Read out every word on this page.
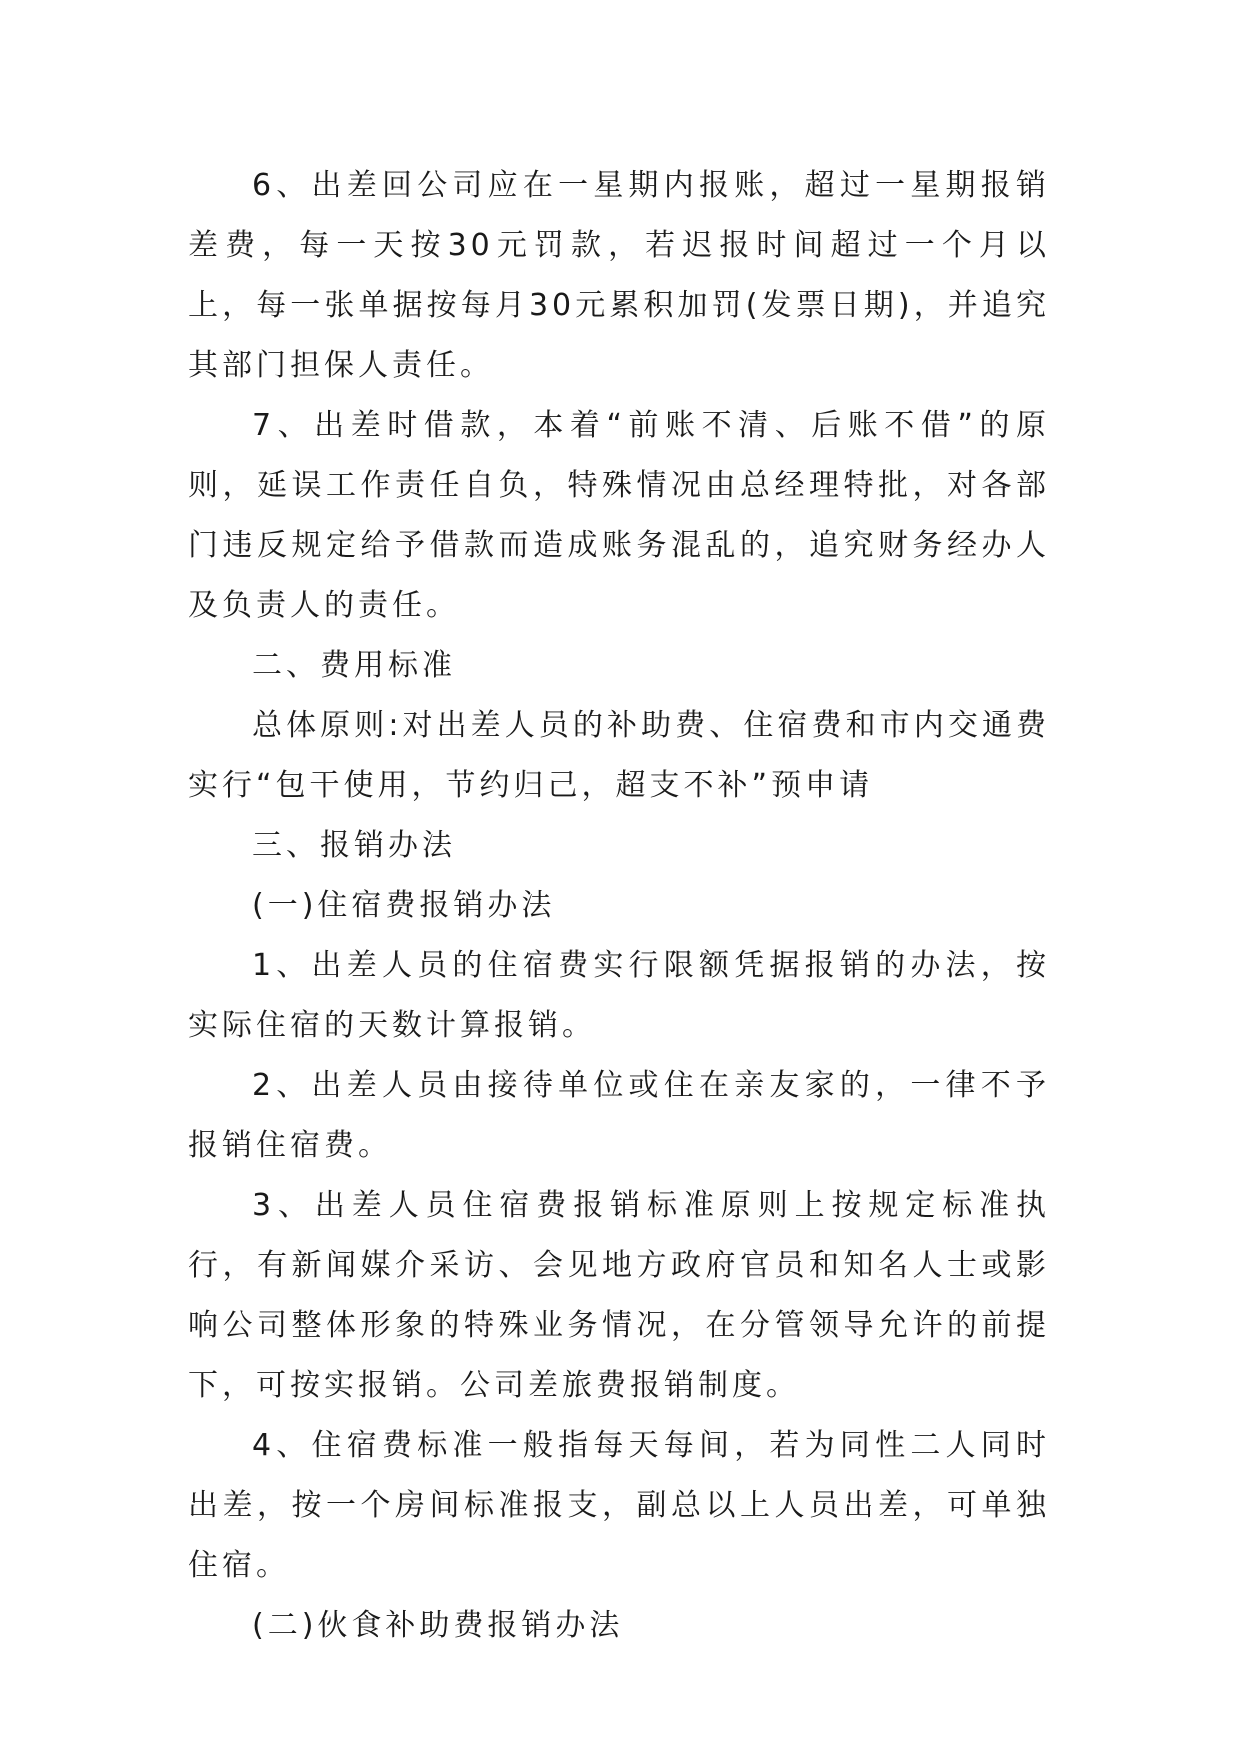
6、出差回公司应在一星期内报账，超过一星期报销差费，每一天按30元罚款，若迟报时间超过一个月以上，每一张单据按每月30元累积加罚(发票日期)，并追究其部门担保人责任。

7、出差时借款，本着“前账不清、后账不借”的原则，延误工作责任自负，特殊情况由总经理特批，对各部门违反规定给予借款而造成账务混乱的，追究财务经办人及负责人的责任。

二、费用标准

总体原则:对出差人员的补助费、住宿费和市内交通费实行“包干使用，节约归己，超支不补”预申请

三、报销办法

(一)住宿费报销办法

1、出差人员的住宿费实行限额凭据报销的办法，按实际住宿的天数计算报销。

2、出差人员由接待单位或住在亲友家的，一律不予报销住宿费。

3、出差人员住宿费报销标准原则上按规定标准执行，有新闻媒介采访、会见地方政府官员和知名人士或影响公司整体形象的特殊业务情况，在分管领导允许的前提下，可按实报销。公司差旅费报销制度。

4、住宿费标准一般指每天每间，若为同性二人同时出差，按一个房间标准报支，副总以上人员出差，可单独住宿。

(二)伙食补助费报销办法
